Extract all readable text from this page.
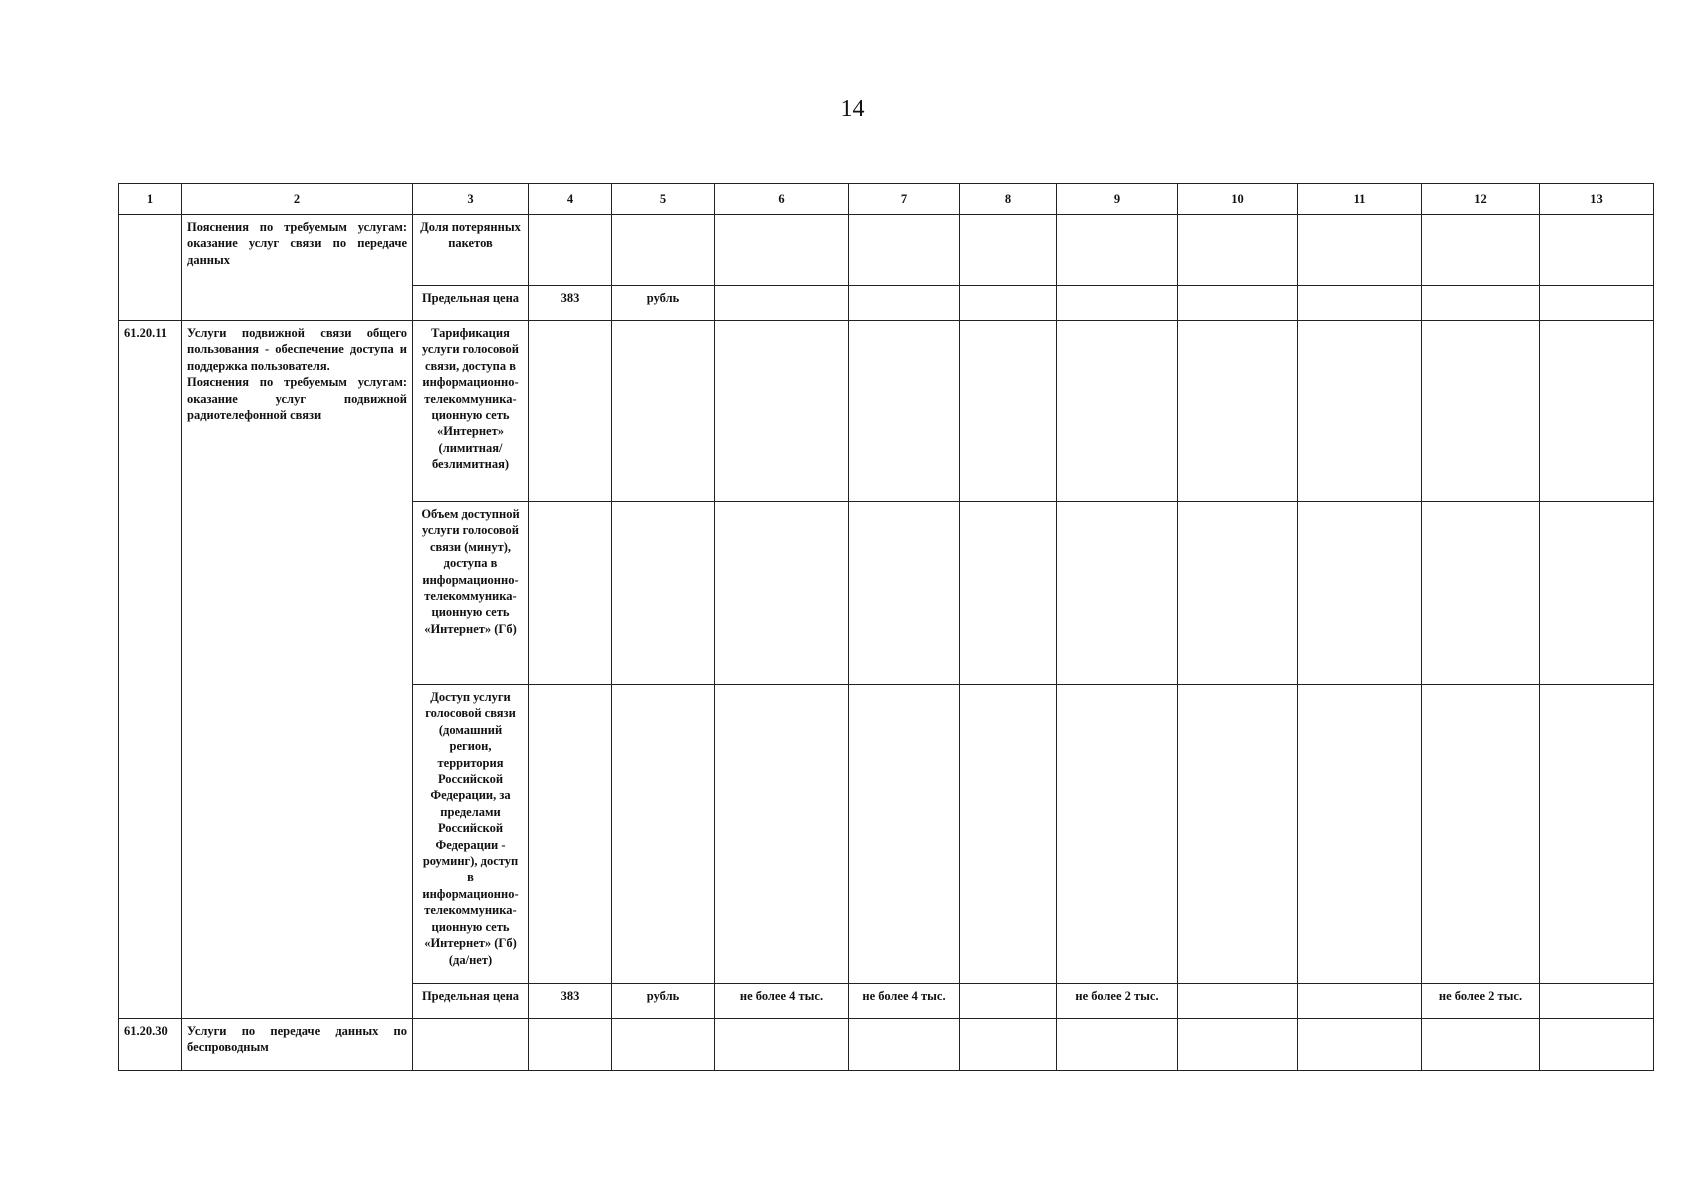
14
1	2	3	4	5	6	7	8	9	10	11	12	13
	Пояснения по требуемым услугам: оказание услуг связи по передаче данных	Доля потерянных пакетов										
		Предельная цена	383	рубль								
61.20.11	Услуги подвижной связи общего пользования - обеспечение доступа и поддержка пользователя.
Пояснения по требуемым услугам: оказание услуг подвижной радиотелефонной связи	Тарификация услуги голосовой связи, доступа в информационно-телекоммуника-ционную сеть «Интернет» (лимитная/ безлимитная)										
		Объем доступной услуги голосовой связи (минут), доступа в информационно-телекоммуника-ционную сеть «Интернет» (Гб)										
		Доступ услуги голосовой связи (домашний регион, территория Российской Федерации, за пределами Российской Федерации - роуминг), доступ в информационно-телекоммуника-ционную сеть «Интернет» (Гб) (да/нет)										
		Предельная цена	383	рубль	не более 4 тыс.	не более 4 тыс.		не более 2 тыс.			не более 2 тыс.	
61.20.30	Услуги по передаче данных по беспроводным											
